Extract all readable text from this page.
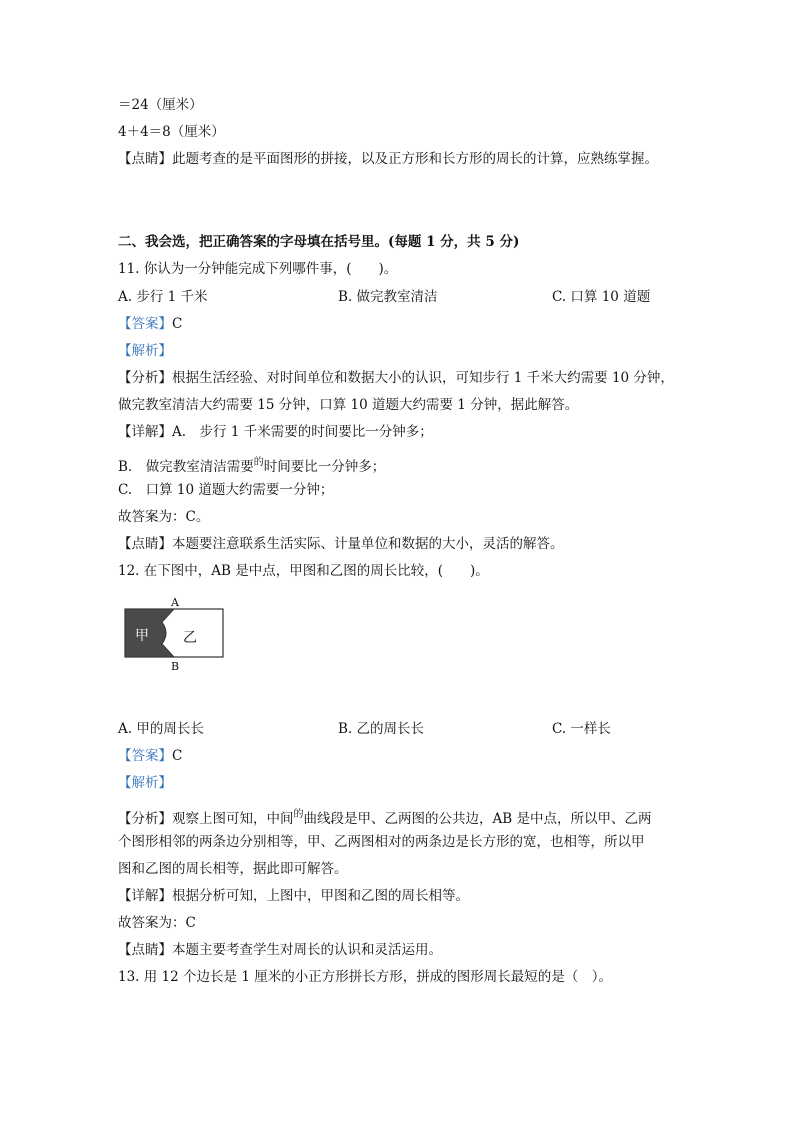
＝24（厘米）
4＋4＝8（厘米）
【点睛】此题考查的是平面图形的拼接，以及正方形和长方形的周长的计算，应熟练掌握。
二、我会选，把正确答案的字母填在括号里。(每题 1 分，共 5 分)
11. 你认为一分钟能完成下列哪件事，(　　)。
A. 步行 1 千米	B. 做完教室清洁	C. 口算 10 道题
【答案】C
【解析】
【分析】根据生活经验、对时间单位和数据大小的认识，可知步行 1 千米大约需要 10 分钟，
做完教室清洁大约需要 15 分钟，口算 10 道题大约需要 1 分钟，据此解答。
【详解】A.　步行 1 千米需要的时间要比一分钟多；
B.　做完教室清洁需要$^的$时间要比一分钟多；
C.　口算 10 道题大约需要一分钟；
故答案为：C。
【点睛】本题要注意联系生活实际、计量单位和数据的大小，灵活的解答。
12. 在下图中，AB 是中点，甲图和乙图的周长比较，(　　)。
A
B
甲 乙
A. 甲的周长长	B. 乙的周长长	C. 一样长
【答案】C
【解析】
【分析】观察上图可知，中间$^的$曲线段是甲、乙两图的公共边，AB 是中点，所以甲、乙两
个图形相邻的两条边分别相等，甲、乙两图相对的两条边是长方形的宽，也相等，所以甲
图和乙图的周长相等，据此即可解答。
【详解】根据分析可知，上图中，甲图和乙图的周长相等。
故答案为：C
【点睛】本题主要考查学生对周长的认识和灵活运用。
13. 用 12 个边长是 1 厘米的小正方形拼长方形，拼成的图形周长最短的是（　）。
